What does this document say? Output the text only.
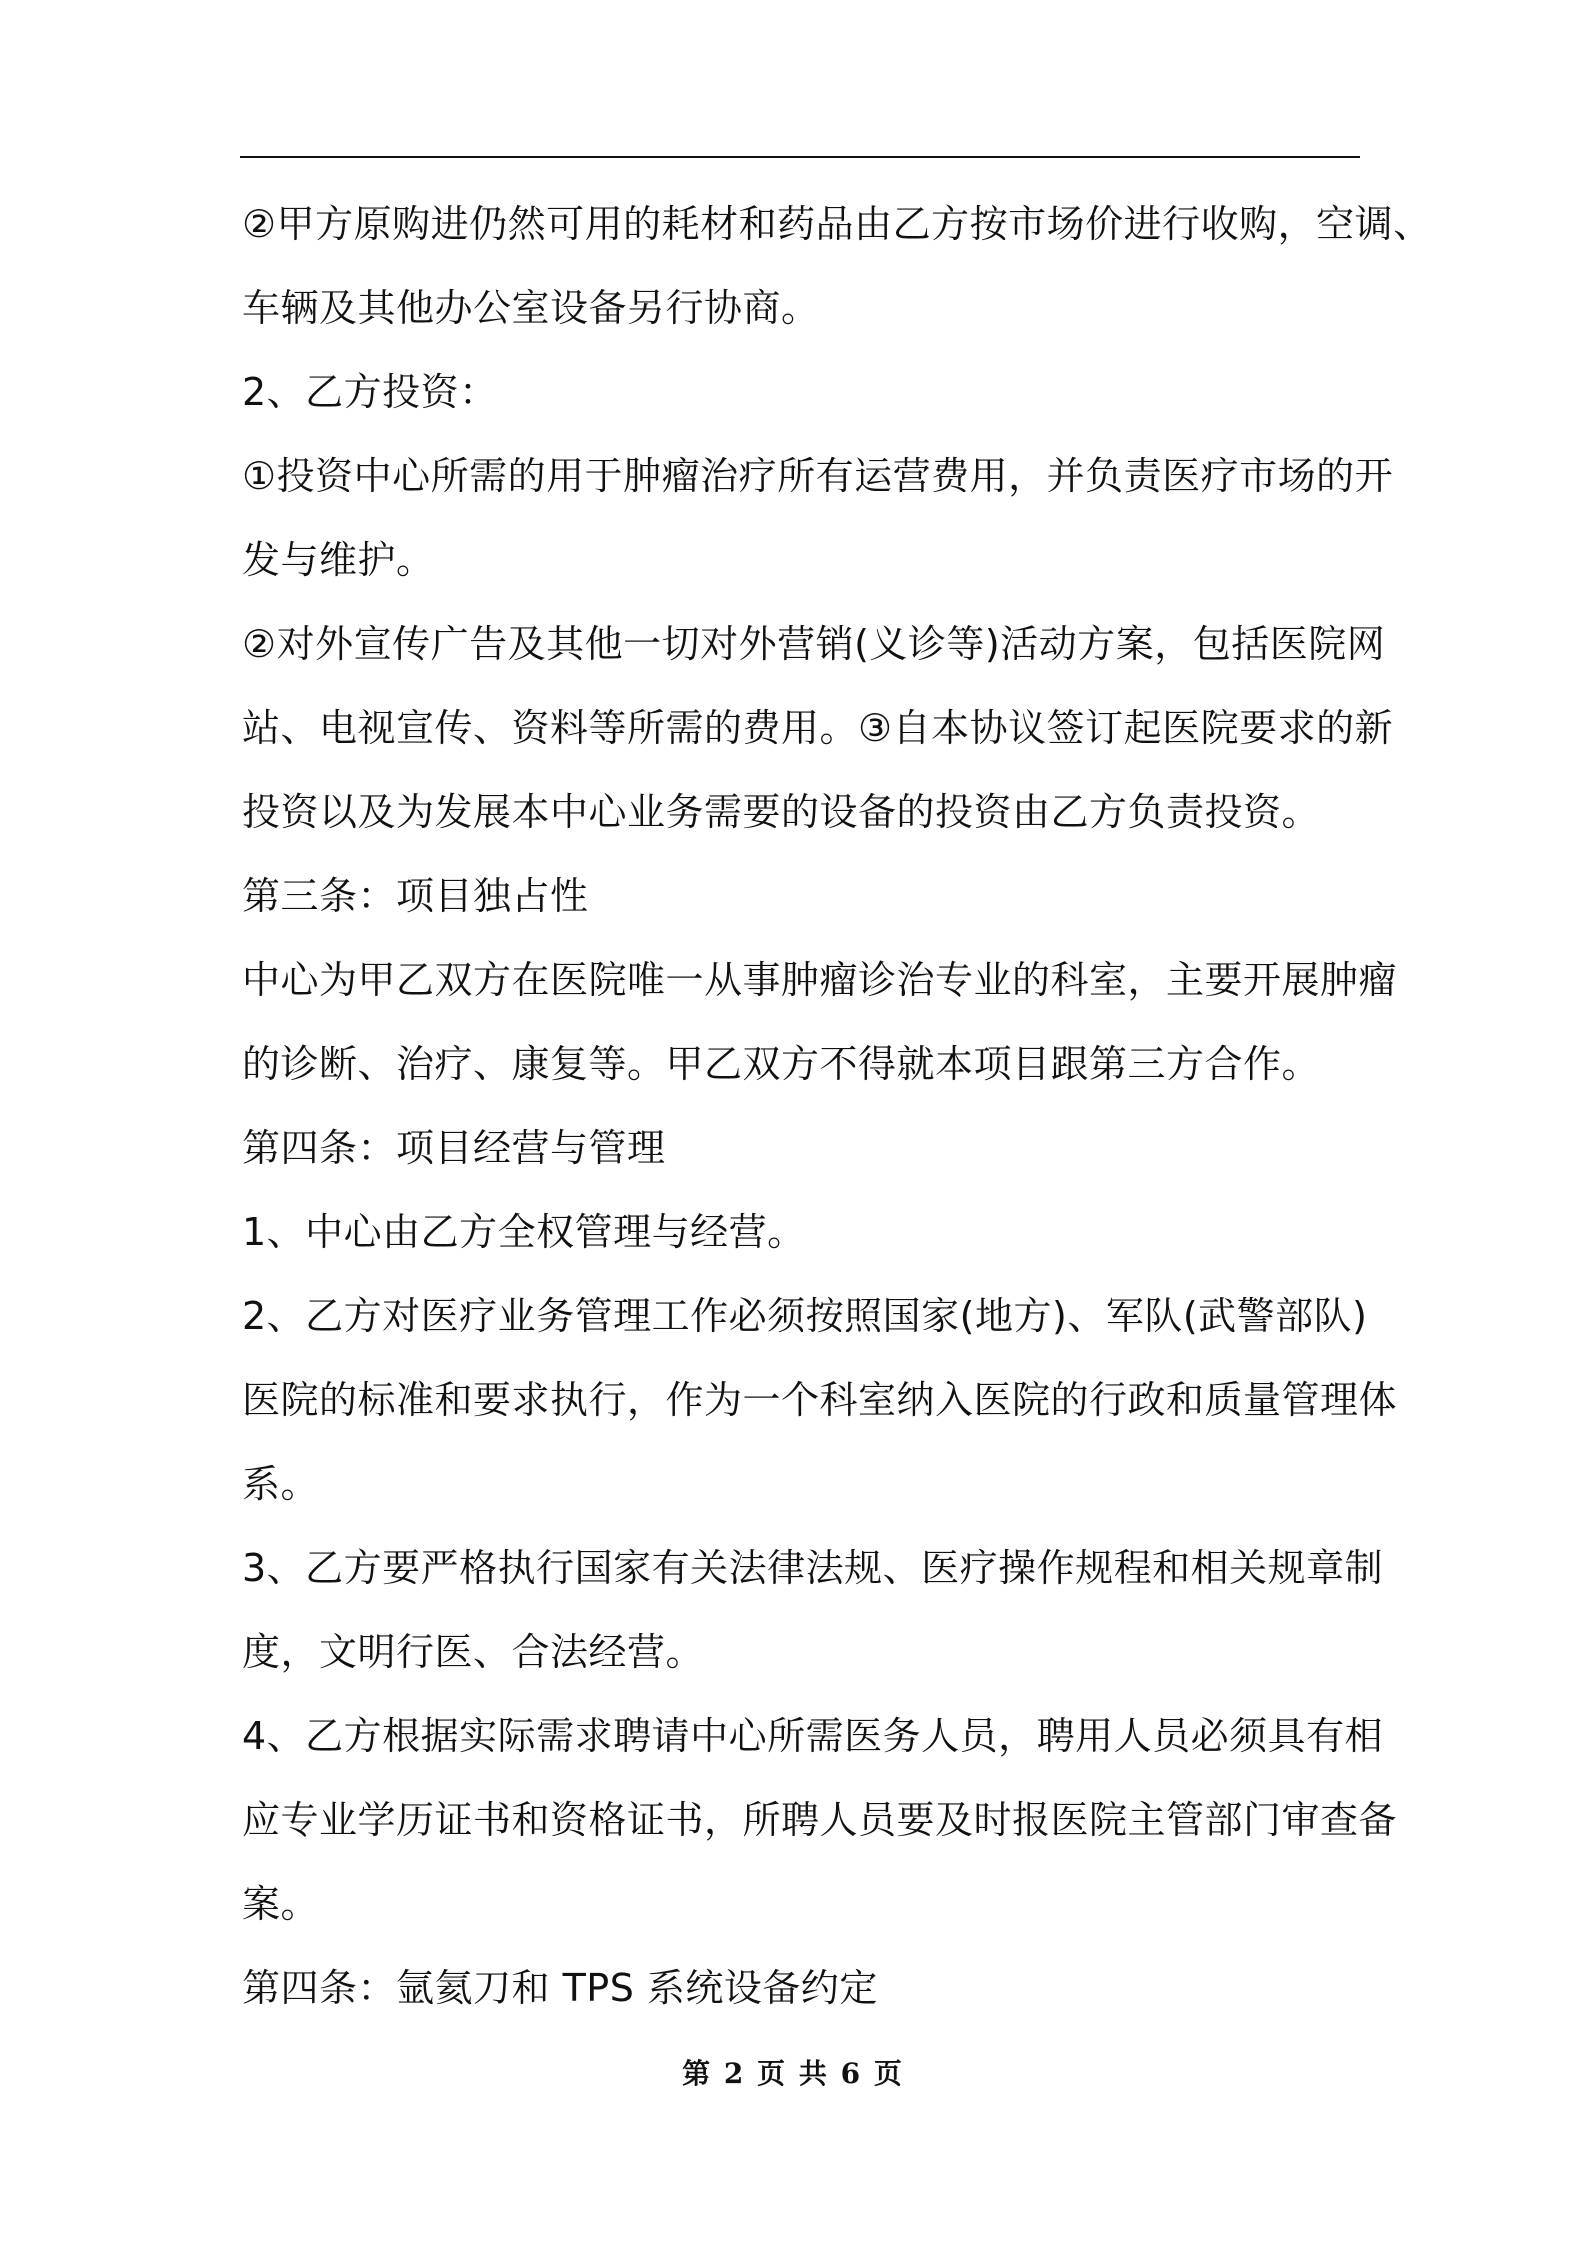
②甲方原购进仍然可用的耗材和药品由乙方按市场价进行收购，空调、
车辆及其他办公室设备另行协商。
2、乙方投资：
①投资中心所需的用于肿瘤治疗所有运营费用，并负责医疗市场的开
发与维护。
②对外宣传广告及其他一切对外营销(义诊等)活动方案，包括医院网
站、电视宣传、资料等所需的费用。③自本协议签订起医院要求的新
投资以及为发展本中心业务需要的设备的投资由乙方负责投资。
第三条：项目独占性
中心为甲乙双方在医院唯一从事肿瘤诊治专业的科室，主要开展肿瘤
的诊断、治疗、康复等。甲乙双方不得就本项目跟第三方合作。
第四条：项目经营与管理
1、中心由乙方全权管理与经营。
2、乙方对医疗业务管理工作必须按照国家(地方)、军队(武警部队)
医院的标准和要求执行，作为一个科室纳入医院的行政和质量管理体
系。
3、乙方要严格执行国家有关法律法规、医疗操作规程和相关规章制
度，文明行医、合法经营。
4、乙方根据实际需求聘请中心所需医务人员，聘用人员必须具有相
应专业学历证书和资格证书，所聘人员要及时报医院主管部门审查备
案。
第四条：氩氦刀和 TPS 系统设备约定
第 2 页 共 6 页
